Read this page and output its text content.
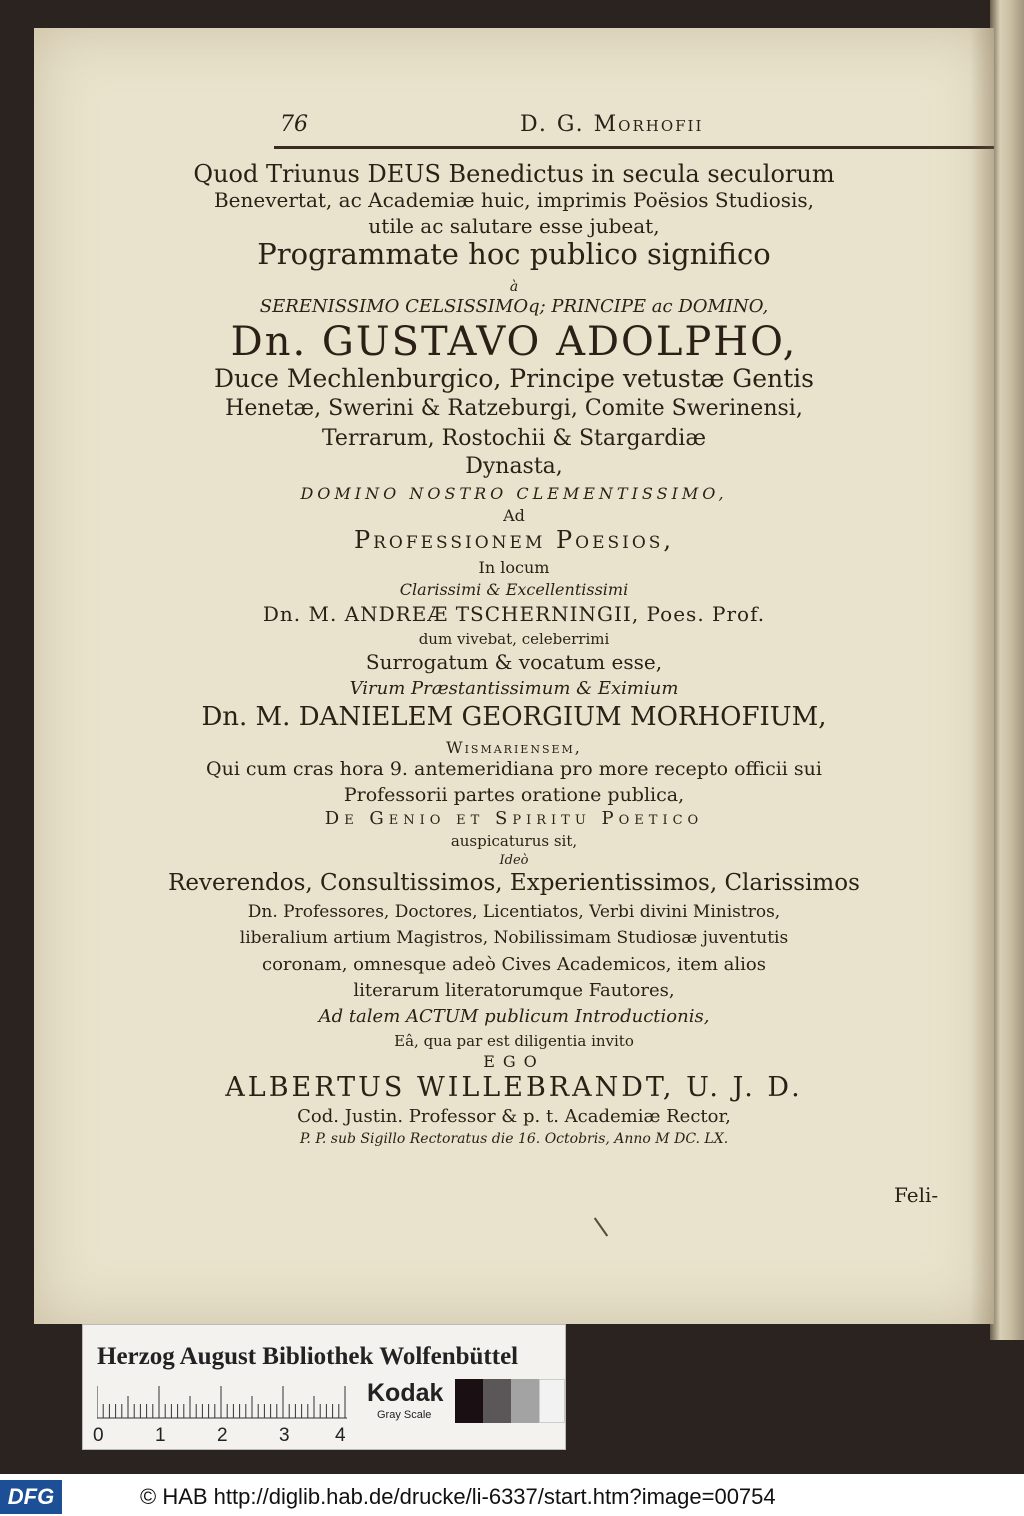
76	D. G. Morhofii
Quod Triunus DEUS Benedictus in secula seculorum
Benevertat, ac Academiæ huic, imprimis Poësios Studiosis,
utile ac salutare esse jubeat,
Programmate hoc publico significo
à
SERENISSIMO CELSISSIMOq; PRINCIPE ac DOMINO,
Dn. GUSTAVO ADOLPHO,
Duce Mechlenburgico, Principe vetustæ Gentis
Henetæ, Swerini & Ratzeburgi, Comite Swerinensi,
Terrarum, Rostochii & Stargardiæ
Dynasta,
DOMINO NOSTRO CLEMENTISSIMO,
Ad
Professionem Poesios,
In locum
Clarissimi & Excellentissimi
Dn. M. ANDREÆ TSCHERNINGII, Poes. Prof.
dum vivebat, celeberrimi
Surrogatum & vocatum esse,
Virum Præstantissimum & Eximium
Dn. M. DANIELEM GEORGIUM MORHOFIUM,
Wismariensem,
Qui cum cras hora 9. antemeridiana pro more recepto officii sui
Professorii partes oratione publica,
De Genio et Spiritu Poetico
auspicaturus sit,
Ideò
Reverendos, Consultissimos, Experientissimos, Clarissimos
Dn. Professores, Doctores, Licentiatos, Verbi divini Ministros,
liberalium artium Magistros, Nobilissimam Studiosæ juventutis
coronam, omnesque adeò Cives Academicos, item alios
literarum literatorumque Fautores,
Ad talem ACTUM publicum Introductionis,
Eâ, qua par est diligentia invito
EGO
ALBERTUS WILLEBRANDT, U. J. D.
Cod. Justin. Professor & p. t. Academiæ Rector,
P. P. sub Sigillo Rectoratus die 16. Octobris, Anno M DC. LX.
Feli-
Herzog August Bibliothek Wolfenbüttel
0	1	2	3 4
Kodak
Gray Scale
DFG	© HAB http://diglib.hab.de/drucke/li-6337/start.htm?image=00754
